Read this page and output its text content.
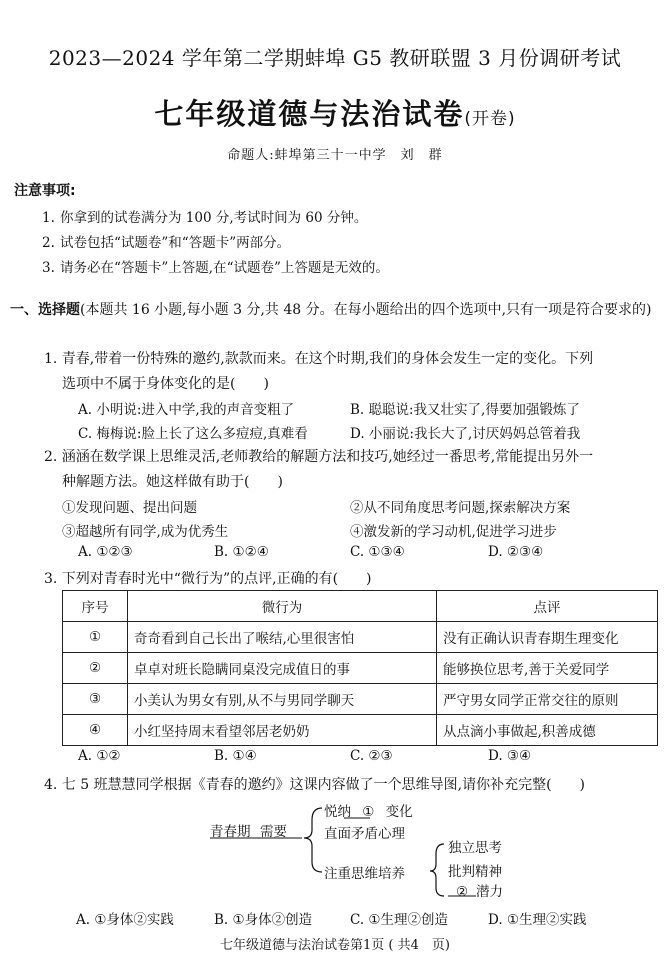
2023—2024 学年第二学期蚌埠 G5 教研联盟 3 月份调研考试
七年级道德与法治试卷(开卷)
命题人:蚌埠第三十一中学　刘　群
注意事项:
1. 你拿到的试卷满分为 100 分,考试时间为 60 分钟。
2. 试卷包括“试题卷”和“答题卡”两部分。
3. 请务必在“答题卡”上答题,在“试题卷”上答题是无效的。
一、选择题(本题共 16 小题,每小题 3 分,共 48 分。在每小题给出的四个选项中,只有一项是符合要求的)
1. 青春,带着一份特殊的邀约,款款而来。在这个时期,我们的身体会发生一定的变化。下列
选项中不属于身体变化的是(　　)
A. 小明说:进入中学,我的声音变粗了	B. 聪聪说:我又壮实了,得要加强锻炼了
C. 梅梅说:脸上长了这么多痘痘,真难看	D. 小丽说:我长大了,讨厌妈妈总管着我
2. 涵涵在数学课上思维灵活,老师教给的解题方法和技巧,她经过一番思考,常能提出另外一
种解题方法。她这样做有助于(　　)
①发现问题、提出问题	②从不同角度思考问题,探索解决方案
③超越所有同学,成为优秀生	④激发新的学习动机,促进学习进步
A. ①②③	B. ①②④	C. ①③④	D. ②③④
3. 下列对青春时光中“微行为”的点评,正确的有(　　)
序号	微行为	点评
①	奇奇看到自己长出了喉结,心里很害怕	没有正确认识青春期生理变化
②	卓卓对班长隐瞒同桌没完成值日的事	能够换位思考,善于关爱同学
③	小美认为男女有别,从不与男同学聊天	严守男女同学正常交往的原则
④	小红坚持周末看望邻居老奶奶	从点滴小事做起,积善成德
A. ①②	B. ①④	C. ②③	D. ③④
4. 七 5 班慧慧同学根据《青春的邀约》这课内容做了一个思维导图,请你补充完整(　　)
青春期 需要
悦纳 ① 变化
直面矛盾心理
注重思维培养
独立思考
批判精神
② 潜力
A. ①身体②实践	B. ①身体②创造	C. ①生理②创造	D. ①生理②实践
七年级道德与法治试卷第1页 ( 共4　页)
